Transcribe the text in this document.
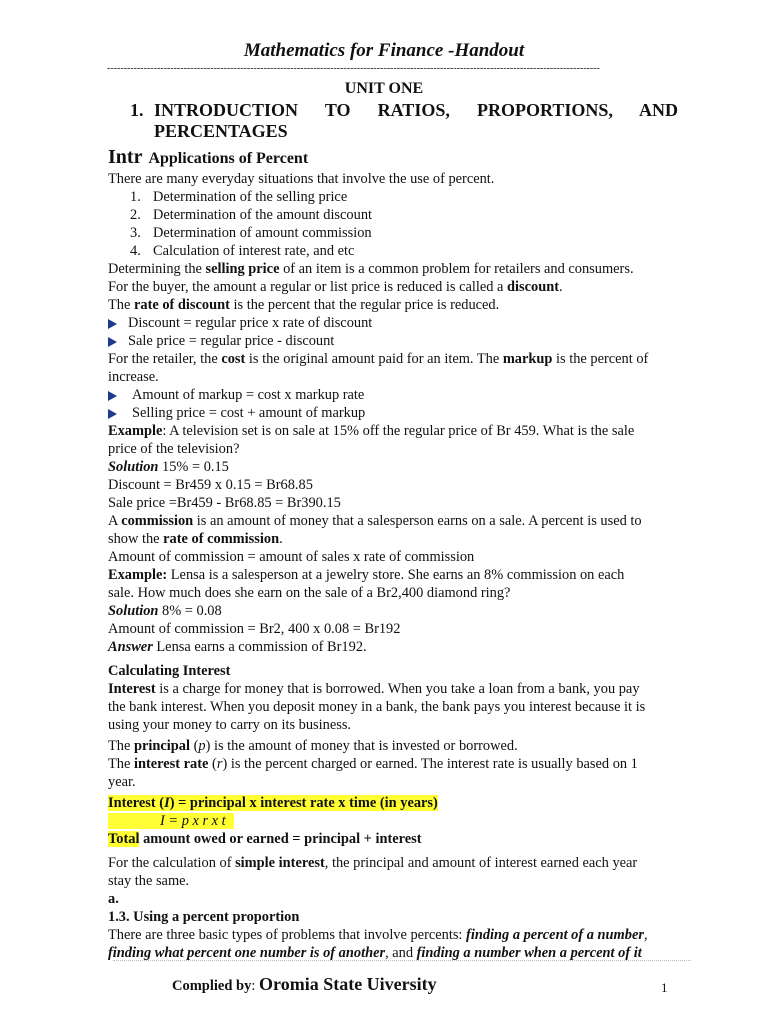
Mathematics for Finance -Handout
----------------------------------------------------------------------------------------------------------------------------------------------------
UNIT ONE
1. INTRODUCTION TO RATIOS, PROPORTIONS, AND
PERCENTAGES
Intr Applications of Percent

There are many everyday situations that involve the use of percent.

1. Determination of the selling price
2. Determination of the amount discount
3. Determination of amount commission
4. Calculation of interest rate, and etc

Determining the selling price of an item is a common problem for retailers and consumers.

For the buyer, the amount a regular or list price is reduced is called a discount.

The rate of discount is the percent that the regular price is reduced.

Discount = regular price x rate of discount

Sale price = regular price - discount

For the retailer, the cost is the original amount paid for an item. The markup is the percent of
increase.

Amount of markup = cost x markup rate

Selling price = cost + amount of markup

Example: A television set is on sale at 15% off the regular price of Br 459. What is the sale
price of the television?

Solution 15% = 0.15

Discount = Br459 x 0.15 = Br68.85

Sale price =Br459 - Br68.85 = Br390.15

A commission is an amount of money that a salesperson earns on a sale. A percent is used to
show the rate of commission.

Amount of commission = amount of sales x rate of commission

Example: Lensa is a salesperson at a jewelry store. She earns an 8% commission on each
sale. How much does she earn on the sale of a Br2,400 diamond ring?

Solution 8% = 0.08

Amount of commission = Br2, 400 x 0.08 = Br192

Answer Lensa earns a commission of Br192.

Calculating Interest

Interest is a charge for money that is borrowed. When you take a loan from a bank, you pay
the bank interest. When you deposit money in a bank, the bank pays you interest because it is
using your money to carry on its business.

The principal (p) is the amount of money that is invested or borrowed.

The interest rate (r) is the percent charged or earned. The interest rate is usually based on 1
year.

Interest (I) = principal x interest rate x time (in years)

I = p x r x t

Total amount owed or earned = principal + interest

For the calculation of simple interest, the principal and amount of interest earned each year
stay the same.

a.

1.3. Using a percent proportion

There are three basic types of problems that involve percents: finding a percent of a number,
finding what percent one number is of another, and finding a number when a percent of it

Complied by: Oromia State Uiversity	1
